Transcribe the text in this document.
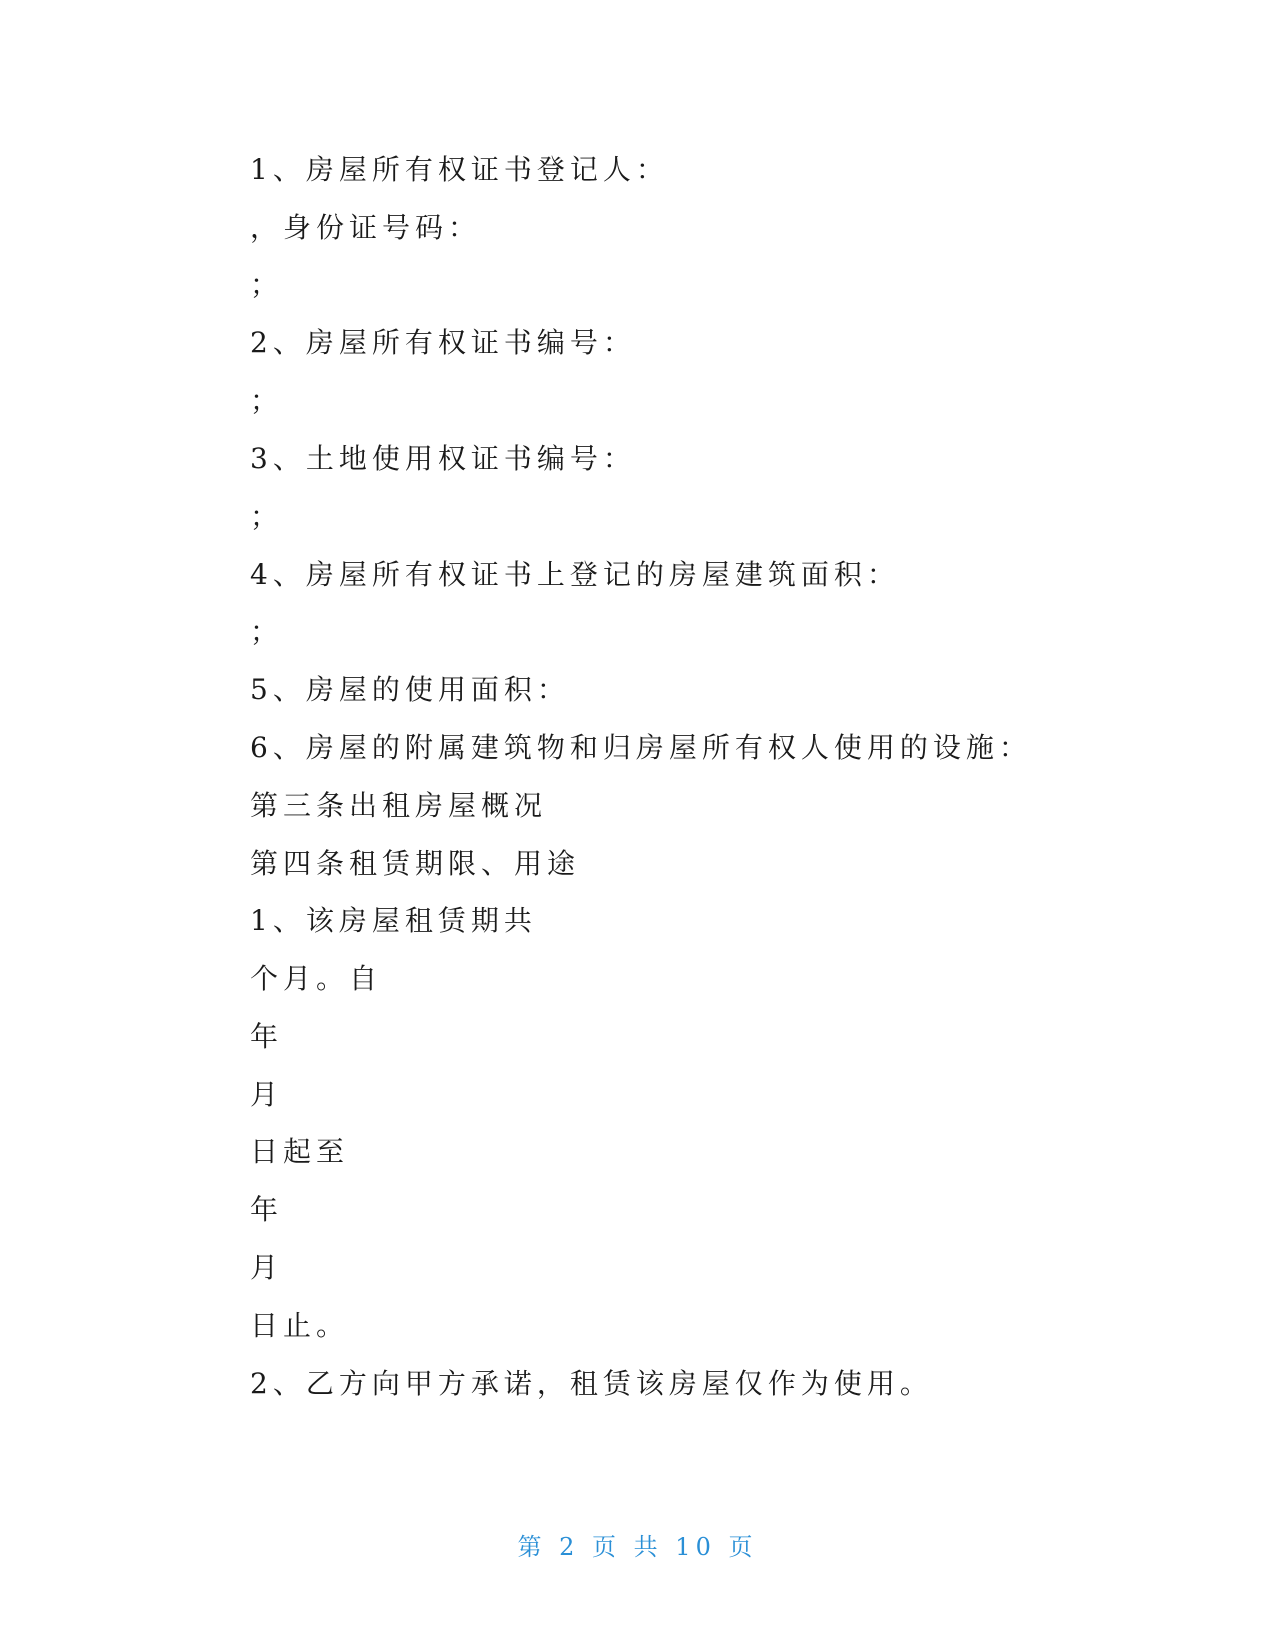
1、房屋所有权证书登记人：
，身份证号码：
；
2、房屋所有权证书编号：
；
3、土地使用权证书编号：
；
4、房屋所有权证书上登记的房屋建筑面积：
；
5、房屋的使用面积：
6、房屋的附属建筑物和归房屋所有权人使用的设施：
第三条出租房屋概况
第四条租赁期限、用途
1、该房屋租赁期共
个月。自
年
月
日起至
年
月
日止。
2、乙方向甲方承诺，租赁该房屋仅作为使用。
第 2 页 共 10 页
